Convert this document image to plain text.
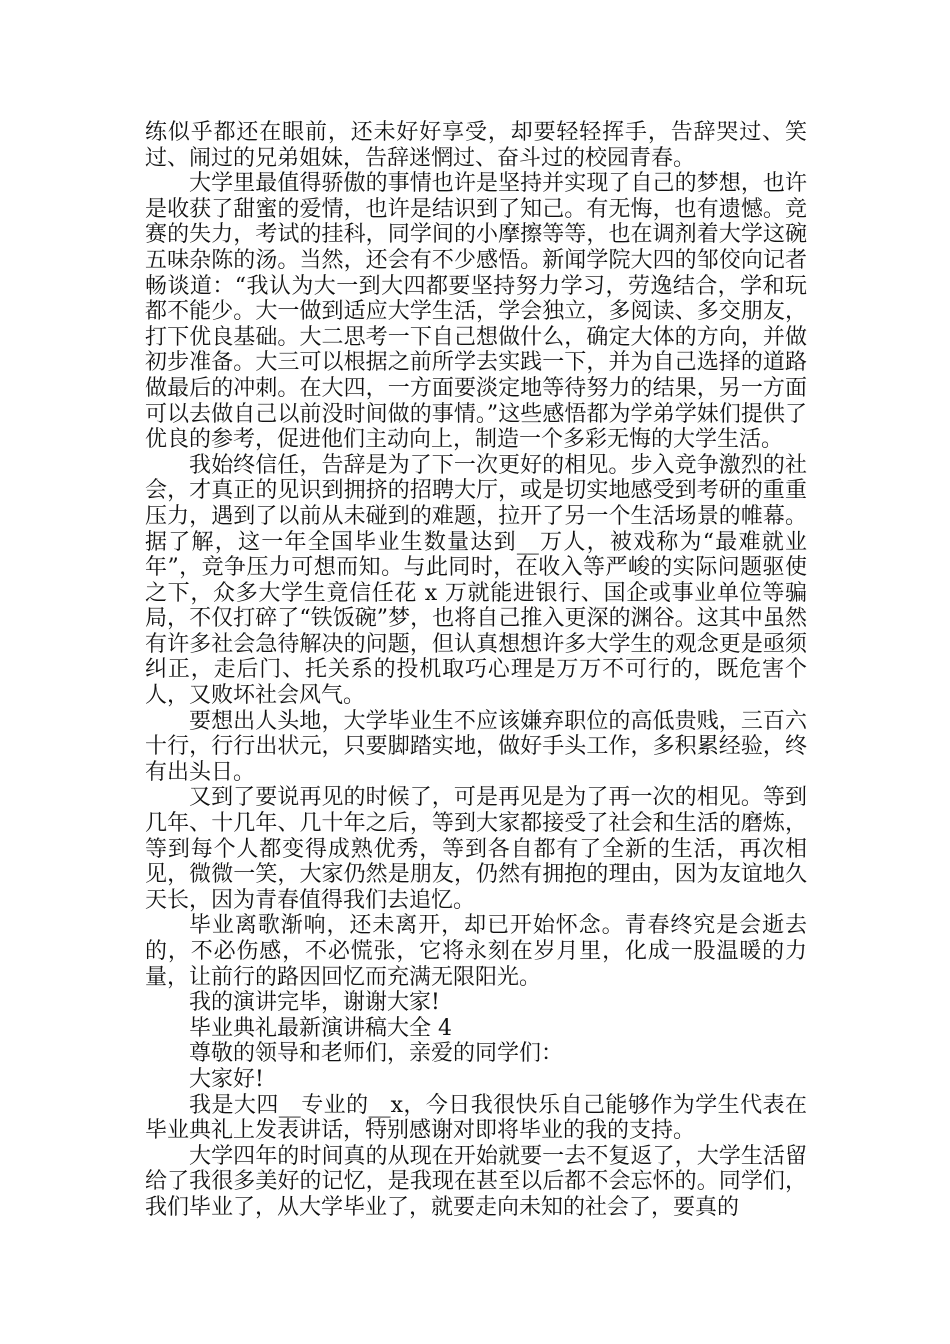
练似乎都还在眼前，还未好好享受，却要轻轻挥手，告辞哭过、笑过、闹过的兄弟姐妹，告辞迷惘过、奋斗过的校园青春。

大学里最值得骄傲的事情也许是坚持并实现了自己的梦想，也许是收获了甜蜜的爱情，也许是结识到了知己。有无悔，也有遗憾。竞赛的失力，考试的挂科，同学间的小摩擦等等，也在调剂着大学这碗五味杂陈的汤。当然，还会有不少感悟。新闻学院大四的邹佼向记者畅谈道：“我认为大一到大四都要坚持努力学习，劳逸结合，学和玩都不能少。大一做到适应大学生活，学会独立，多阅读、多交朋友，打下优良基础。大二思考一下自己想做什么，确定大体的方向，并做初步准备。大三可以根据之前所学去实践一下，并为自己选择的道路做最后的冲刺。在大四，一方面要淡定地等待努力的结果，另一方面可以去做自己以前没时间做的事情。”这些感悟都为学弟学妹们提供了优良的参考，促进他们主动向上，制造一个多彩无悔的大学生活。

我始终信任，告辞是为了下一次更好的相见。步入竞争激烈的社会，才真正的见识到拥挤的招聘大厅，或是切实地感受到考研的重重压力，遇到了以前从未碰到的难题，拉开了另一个生活场景的帷幕。据了解，这一年全国毕业生数量达到__万人，被戏称为“最难就业年”，竞争压力可想而知。与此同时，在收入等严峻的实际问题驱使之下，众多大学生竟信任花 x 万就能进银行、国企或事业单位等骗局，不仅打碎了“铁饭碗”梦，也将自己推入更深的渊谷。这其中虽然有许多社会急待解决的问题，但认真想想许多大学生的观念更是亟须纠正，走后门、托关系的投机取巧心理是万万不可行的，既危害个人，又败坏社会风气。

要想出人头地，大学毕业生不应该嫌弃职位的高低贵贱，三百六十行，行行出状元，只要脚踏实地，做好手头工作，多积累经验，终有出头日。

又到了要说再见的时候了，可是再见是为了再一次的相见。等到几年、十几年、几十年之后，等到大家都接受了社会和生活的磨炼，等到每个人都变得成熟优秀，等到各自都有了全新的生活，再次相见，微微一笑，大家仍然是朋友，仍然有拥抱的理由，因为友谊地久天长，因为青春值得我们去追忆。

毕业离歌渐响，还未离开，却已开始怀念。青春终究是会逝去的，不必伤感，不必慌张，它将永刻在岁月里，化成一股温暖的力量，让前行的路因回忆而充满无限阳光。

我的演讲完毕，谢谢大家!

毕业典礼最新演讲稿大全 4

尊敬的领导和老师们，亲爱的同学们：

大家好!

我是大四__专业的__x，今日我很快乐自己能够作为学生代表在毕业典礼上发表讲话，特别感谢对即将毕业的我的支持。

大学四年的时间真的从现在开始就要一去不复返了，大学生活留给了我很多美好的记忆，是我现在甚至以后都不会忘怀的。同学们，我们毕业了，从大学毕业了，就要走向未知的社会了，要真的
